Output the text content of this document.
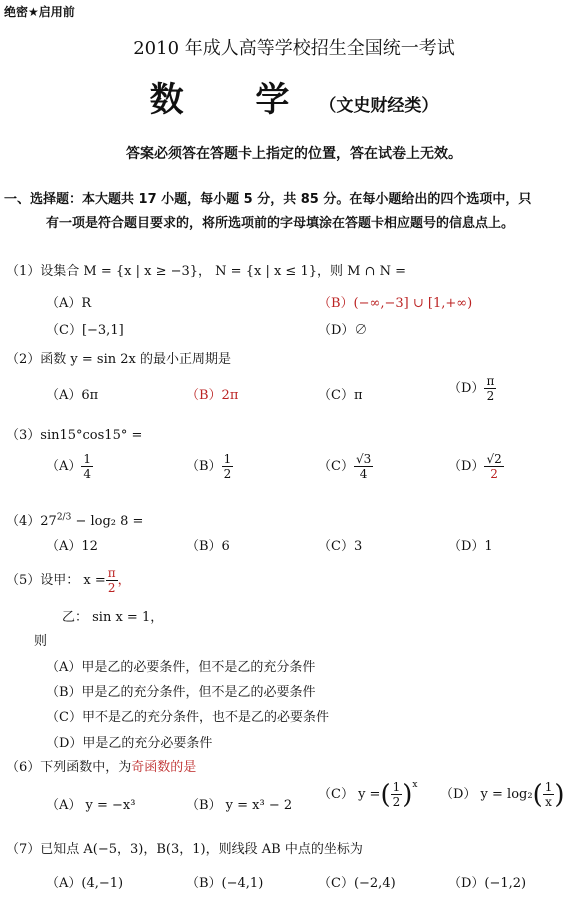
绝密★启用前
2010 年成人高等学校招生全国统一考试
数 学（文史财经类）
答案必须答在答题卡上指定的位置，答在试卷上无效。
一、选择题：本大题共 17 小题，每小题 5 分，共 85 分。在每小题给出的四个选项中，只
有一项是符合题目要求的，将所选项前的字母填涂在答题卡相应题号的信息点上。
（1）设集合 M = {x | x ≥ −3}， N = {x | x ≤ 1}，则 M ∩ N =
（A）R	（B）(−∞,−3] ∪ [1,+∞)
（C）[−3,1]	（D）∅
（2）函数 y = sin 2x 的最小正周期是
（A）6π	（B）2π	（C）π	$(D) \frac{\pi}{2}$
（3）sin15°cos15° =
$(A) \frac{1}{4}$	$(B) \frac{1}{2}$	$(C) \frac{√3}{4}$	$(D) \frac{√2}{2}$
$(4)27^{2/3} - \log_2$ 8 =
（A）12	（B）6	（C）3	（D）1
（5）设甲： $x = \frac{\pi}{2}$ ，
乙： sin x = 1，
则
（A）甲是乙的必要条件，但不是乙的充分条件
（B）甲是乙的充分条件，但不是乙的必要条件
（C）甲不是乙的充分条件，也不是乙的必要条件
（D）甲是乙的充分必要条件
（6）下列函数中，为奇函数的是
（A） y = −x³	（B） y = x³ − 2
（C） y =( $\frac{1}{2} )^x$
（D） $y = \log_2( \frac{1}{x}$ )
（7）已知点 A(−5，3)，B(3，1)，则线段 AB 中点的坐标为
（A）(4,−1)	（B）(−4,1)	（C）(−2,4)	（D）(−1,2)
